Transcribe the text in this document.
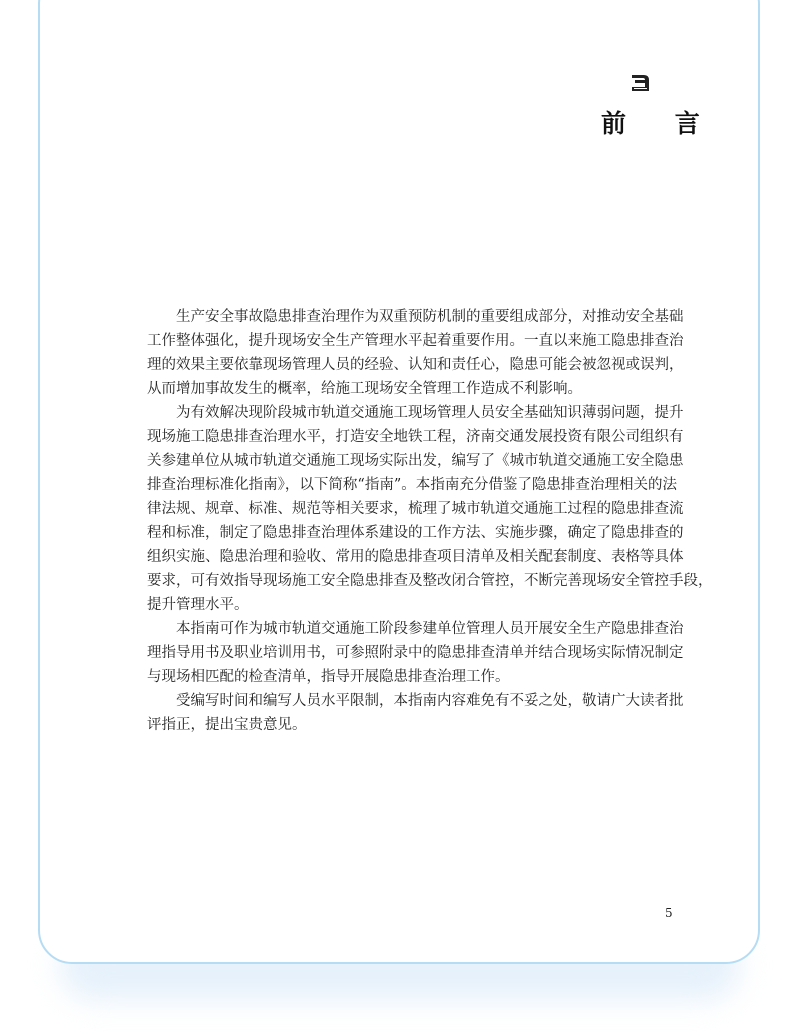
前 言
生产安全事故隐患排查治理作为双重预防机制的重要组成部分，对推动安全基础
工作整体强化，提升现场安全生产管理水平起着重要作用。一直以来施工隐患排查治
理的效果主要依靠现场管理人员的经验、认知和责任心，隐患可能会被忽视或误判，
从而增加事故发生的概率，给施工现场安全管理工作造成不利影响。
为有效解决现阶段城市轨道交通施工现场管理人员安全基础知识薄弱问题，提升
现场施工隐患排查治理水平，打造安全地铁工程，济南交通发展投资有限公司组织有
关参建单位从城市轨道交通施工现场实际出发，编写了《城市轨道交通施工安全隐患
排查治理标准化指南》，以下简称“指南”。本指南充分借鉴了隐患排查治理相关的法
律法规、规章、标准、规范等相关要求，梳理了城市轨道交通施工过程的隐患排查流
程和标准，制定了隐患排查治理体系建设的工作方法、实施步骤，确定了隐患排查的
组织实施、隐患治理和验收、常用的隐患排查项目清单及相关配套制度、表格等具体
要求，可有效指导现场施工安全隐患排查及整改闭合管控，不断完善现场安全管控手段，
提升管理水平。
本指南可作为城市轨道交通施工阶段参建单位管理人员开展安全生产隐患排查治
理指导用书及职业培训用书，可参照附录中的隐患排查清单并结合现场实际情况制定
与现场相匹配的检查清单，指导开展隐患排查治理工作。
受编写时间和编写人员水平限制，本指南内容难免有不妥之处，敬请广大读者批
评指正，提出宝贵意见。
5
